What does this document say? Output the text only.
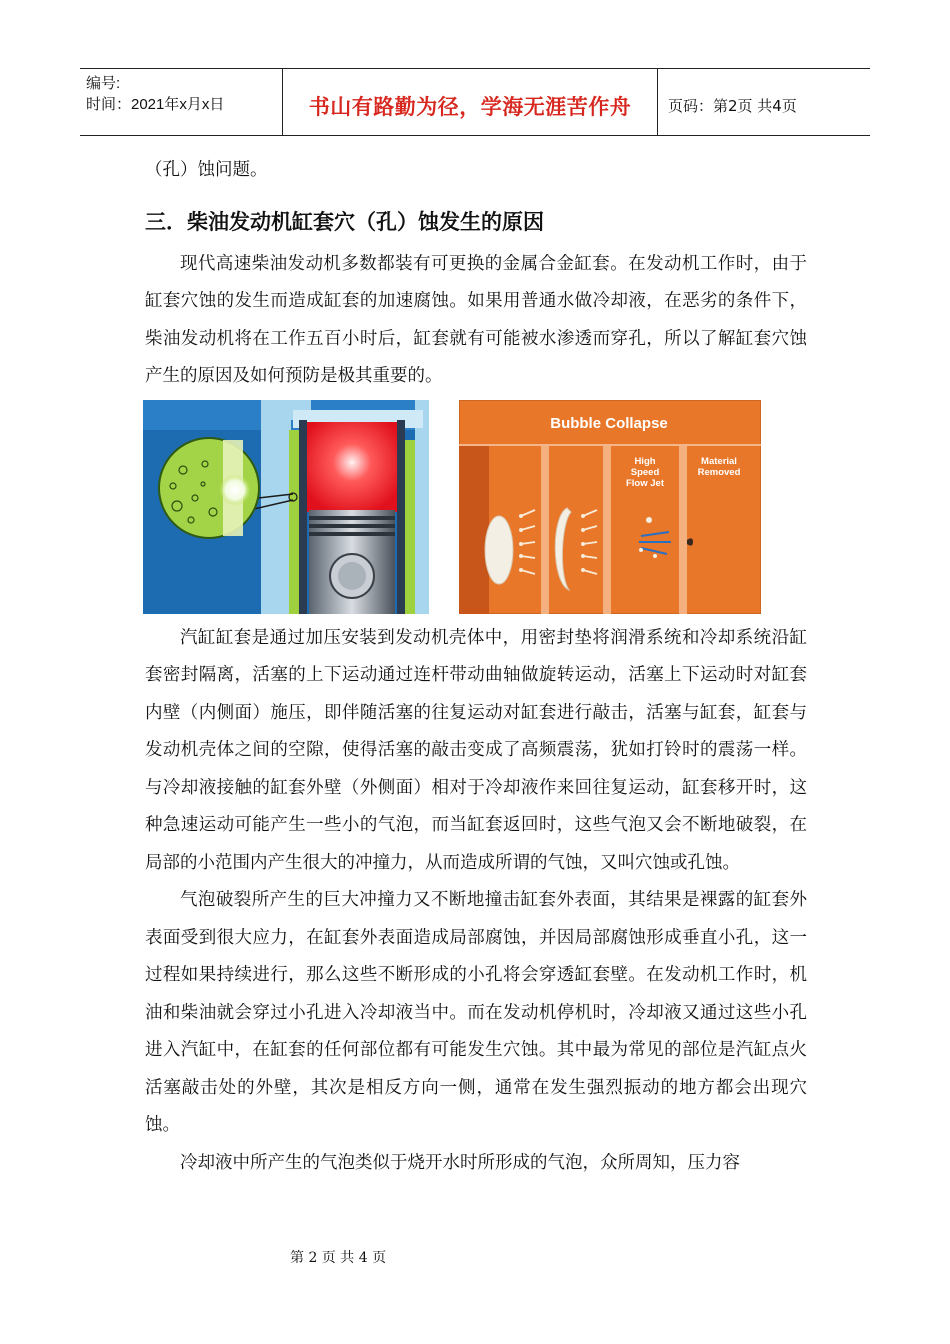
编号:
时间：2021年x月x日	书山有路勤为径，学海无涯苦作舟	页码：第2页 共4页

（孔）蚀问题。

三．柴油发动机缸套穴（孔）蚀发生的原因

现代高速柴油发动机多数都装有可更换的金属合金缸套。在发动机工作时，由于缸套穴蚀的发生而造成缸套的加速腐蚀。如果用普通水做冷却液，在恶劣的条件下，柴油发动机将在工作五百小时后，缸套就有可能被水渗透而穿孔，所以了解缸套穴蚀产生的原因及如何预防是极其重要的。

Bubble Collapse
High
Speed
Flow Jet
Material
Removed

汽缸缸套是通过加压安装到发动机壳体中，用密封垫将润滑系统和冷却系统沿缸套密封隔离，活塞的上下运动通过连杆带动曲轴做旋转运动，活塞上下运动时对缸套内壁（内侧面）施压，即伴随活塞的往复运动对缸套进行敲击，活塞与缸套，缸套与发动机壳体之间的空隙，使得活塞的敲击变成了高频震荡，犹如打铃时的震荡一样。与冷却液接触的缸套外壁（外侧面）相对于冷却液作来回往复运动，缸套移开时，这种急速运动可能产生一些小的气泡，而当缸套返回时，这些气泡又会不断地破裂，在局部的小范围内产生很大的冲撞力，从而造成所谓的气蚀，又叫穴蚀或孔蚀。

气泡破裂所产生的巨大冲撞力又不断地撞击缸套外表面，其结果是裸露的缸套外表面受到很大应力，在缸套外表面造成局部腐蚀，并因局部腐蚀形成垂直小孔，这一过程如果持续进行，那么这些不断形成的小孔将会穿透缸套壁。在发动机工作时，机油和柴油就会穿过小孔进入冷却液当中。而在发动机停机时，冷却液又通过这些小孔进入汽缸中，在缸套的任何部位都有可能发生穴蚀。其中最为常见的部位是汽缸点火活塞敲击处的外壁，其次是相反方向一侧，通常在发生强烈振动的地方都会出现穴蚀。

冷却液中所产生的气泡类似于烧开水时所形成的气泡，众所周知，压力容

第 2 页 共 4 页
